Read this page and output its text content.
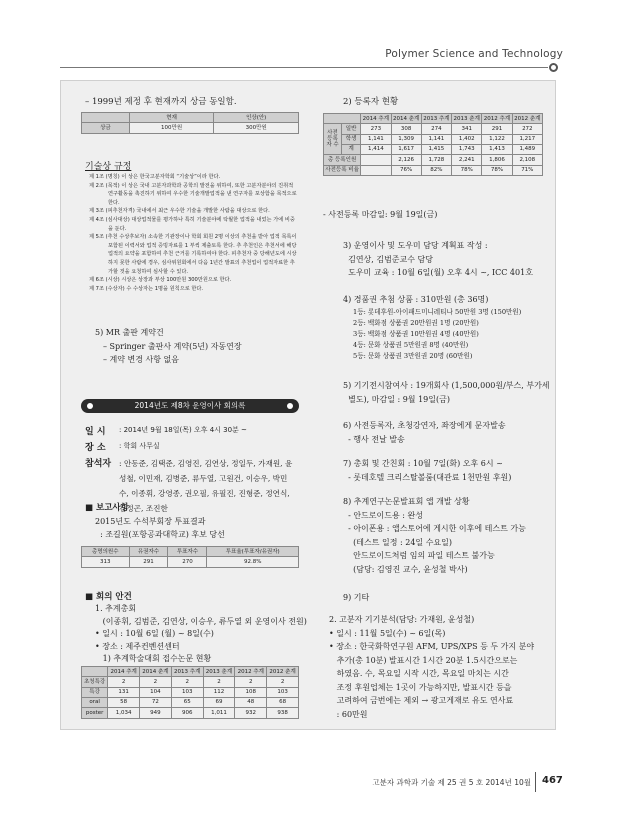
Polymer Science and Technology
– 1999년 제정 후 현재까지 상금 동일함.
	현재	인상(안)
상금	100만원	300만원
기술상 규정
제 1조 (명칭) 이 상은 한국고분자학회 “기술상”이라 한다.
제 2조 (목적) 이 상은 국내 고분자과학과 공학의 발전을 위하여, 또한 고분자분야의 진취적 연구활동을 촉진하기 위하여 우수한 기술개발업적을 낸 연구자를 포상함을 목적으로 한다.
제 3조 (피추천자격) 국내에서 최근 우수한 기술을 개발한 사람을 대상으로 한다.
제 4조 (심사대상) 대상업적물를 평가하나 특히 기술분야에 탁월한 업적을 내었는 가에 비중을 둔다.
제 5조 (추천 수상후보자) 소속한 기관장이나 학회 회원 2명 이상의 추천을 받아 업적 목록이 포함된 이력서와 업적 증빙자료를 1 부씩 제출토록 한다. 추 추천인은 추천서에 해당 업적의 요약을 포함하여 추천 근거를 기록하여야 한다. 피추천자 중 당해년도에 시상하지 못한 사람에 경우, 심사위원회에서 다음 1년간 발표의 추천업이 업적자료한 추가할 것을 요청하여 심사할 수 있다.
제 6조 (시상) 시상은 상장과 부상 100만원 300만원으로 한다.
제 7조 (수상자) 수 수상자는 1명을 원칙으로 한다.
5) MR 출판 계약건
– Springer 출판사 계약(5년) 자동연장
– 계약 변경 사항 없음
2014년도 제8차 운영이사 회의록
일 시	: 2014년 9월 18일(목) 오후 4시 30분 ~
장 소	: 학회 사무실
참석자	: 안동준, 김택준, 김영진, 김연상, 정일두, 가재원, 윤성철, 이민재, 김병준, 류두열, 고원건, 이승우, 박민수, 이종휘, 강영종, 권오필, 유필진, 진형준, 정연식, 김정곤, 조진한
■ 보고사항
2015년도 수석부회장 투표결과
: 조길원(포항공과대학교) 후보 당선
총명의원수	유권자수	투표자수	투표율(투표자/유권자)
313	291	270	92.8%
■ 회의 안건
1. 추계총회
(이종휘, 김범준, 김연상, 이승우, 류두열 외 운영이사 전원)
• 일시 : 10월 6일 (월) ~ 8일(수)
• 장소 : 제주컨벤션센터
1) 추계학술대회 접수논문 현황
	2014 추계	2014 춘계	2013 추계	2013 춘계	2012 추계	2012 춘계
초청특강	2	2	2	2	2	2
특강	131	104	103	112	108	103
oral	58	72	65	69	48	68
poster	1,034	949	906	1,011	932	938
2) 등록자 현황
		2014 추계	2014 춘계	2013 추계	2013 춘계	2012 추계	2012 춘계
사전 등록자 수	일반	273	308	274	341	291	272
	학생	1,141	1,309	1,141	1,402	1,122	1,217
	계	1,414	1,617	1,415	1,743	1,413	1,489
총 등록인원			2,126	1,728	2,241	1,806	2,108
사전등록 비율			76%	82%	78%	78%	71%
- 사전등록 마감일: 9월 19일(금)
3) 운영이사 및 도우미 담당 계획표 작성 :
김연상, 김범준교수 담당
도우미 교육 : 10월 6일(월) 오후 4시 ~, ICC 401호
4) 경품권 추첨 상품 : 310만원 (총 36명)
1등: 롯데후원-아이패드미니레티나 50만원 3명 (150만원)
2등: 백화점 상품권 20만원권 1명 (20만원)
3등: 백화점 상품권 10만원권 4명 (40만원)
4등: 문화 상품권 5만원권 8명 (40만원)
5등: 문화 상품권 3만원권 20명 (60만원)
5) 기기전시참여사 : 19개회사 (1,500,000원/부스, 부가세
별도), 마감일 : 9월 19일(금)
6) 사전등록자, 초청강연자, 좌장에게 문자발송
- 행사 전날 발송
7) 총회 및 간친회 : 10월 7일(화) 오후 6시 ~
- 롯데호텔 크리스탈볼룸(대관료 1천만원 후원)
8) 추계연구논문발표회 앱 개발 상황
- 안드로이드용 : 완성
- 아이폰용 : 앱스토어에 게시한 이후에 테스트 가능
(테스트 일정 : 24일 수요일)
안드로이드처럼 임의 파일 테스트 불가능
(담당: 김영진 교수, 윤성철 박사)
9) 기타
2. 고분자 기기분석(담당: 가재원, 윤성철)
• 일시 : 11월 5일(수) ~ 6일(목)
• 장소 : 한국화학연구원 AFM, UPS/XPS 등 두 가지 분야
추가(총 10분) 발표시간 1시간 20분 1.5시간으로는
하였음. 수, 목요일 시작 시간, 목요일 마치는 시간
조정 후원업체는 1곳이 가능하지만, 발표시간 등을
고려하여 금번에는 제외 → 광고게재로 유도 연사료
: 60만원
고분자 과학과 기술 제 25 권 5 호 2014년 10월 467
